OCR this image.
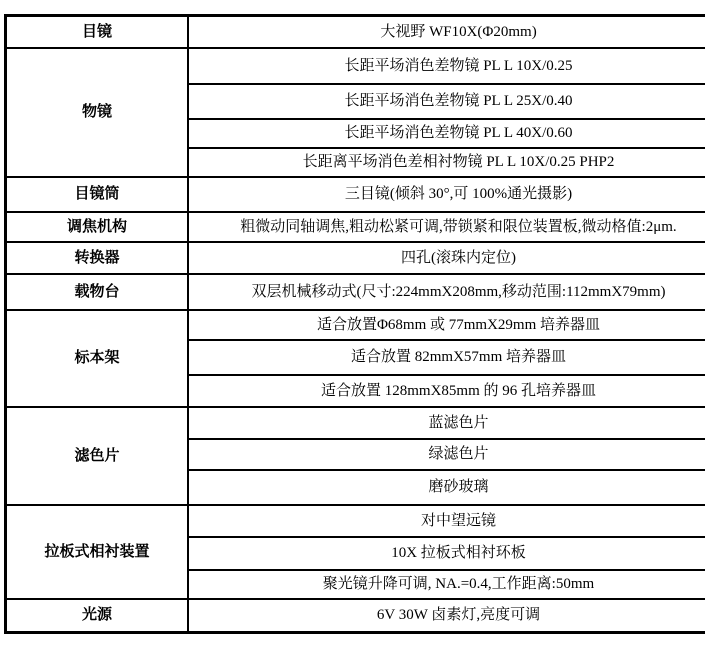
目镜	大视野 WF10X(Φ20mm)
物镜	长距平场消色差物镜 PL L 10X/0.25
	长距平场消色差物镜 PL L 25X/0.40
	长距平场消色差物镜 PL L 40X/0.60
	长距离平场消色差相衬物镜 PL L 10X/0.25 PHP2
目镜筒	三目镜(倾斜 30°,可 100%通光摄影)
调焦机构	粗微动同轴调焦,粗动松紧可调,带锁紧和限位装置板,微动格值:2μm.
转换器	四孔(滚珠内定位)
载物台	双层机械移动式(尺寸:224mmX208mm,移动范围:112mmX79mm)
标本架	适合放置Φ68mm 或 77mmX29mm 培养器皿
	适合放置 82mmX57mm 培养器皿
	适合放置 128mmX85mm 的 96 孔培养器皿
滤色片	蓝滤色片
	绿滤色片
	磨砂玻璃
拉板式相衬装置	对中望远镜
	10X 拉板式相衬环板
	聚光镜升降可调, NA.=0.4,工作距离:50mm
光源	6V 30W 卤素灯,亮度可调
